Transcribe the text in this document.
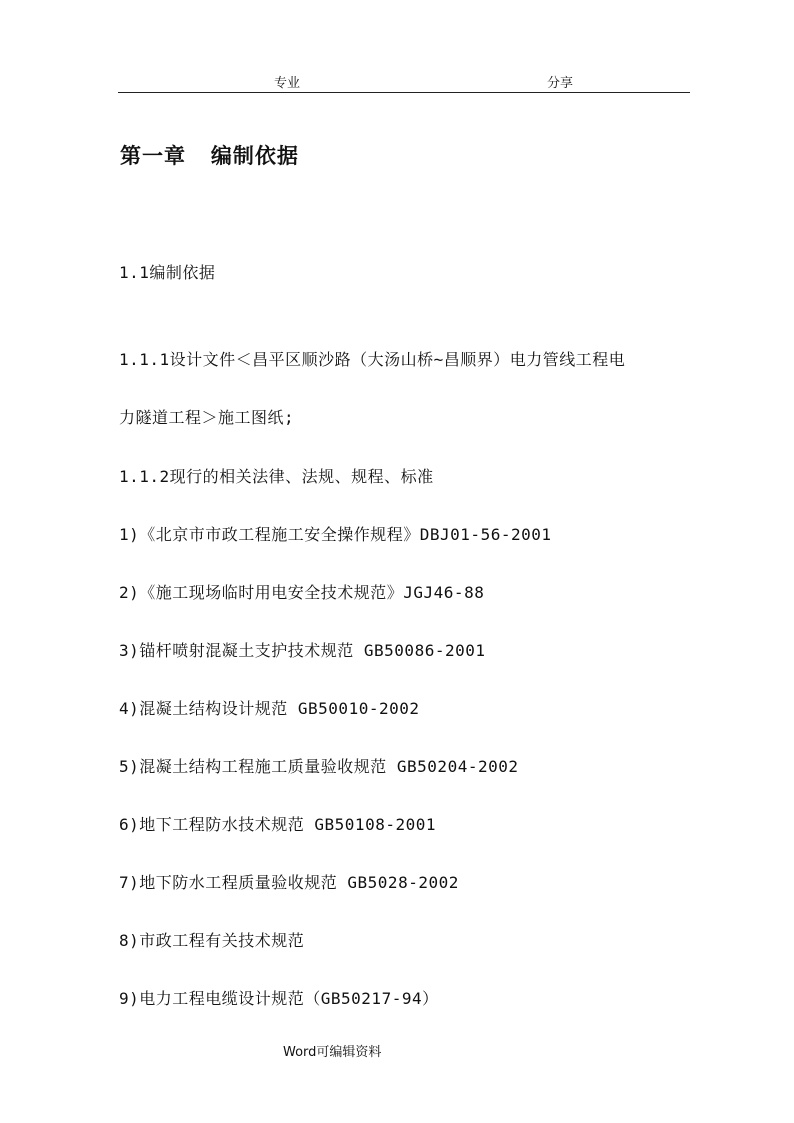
专业	分享
第一章   编制依据
1.1编制依据
1.1.1设计文件＜昌平区顺沙路（大汤山桥~昌顺界）电力管线工程电
力隧道工程＞施工图纸;
1.1.2现行的相关法律、法规、规程、标准
1)《北京市市政工程施工安全操作规程》DBJ01-56-2001
2)《施工现场临时用电安全技术规范》JGJ46-88
3)锚杆喷射混凝土支护技术规范 GB50086-2001
4)混凝土结构设计规范 GB50010-2002
5)混凝土结构工程施工质量验收规范 GB50204-2002
6)地下工程防水技术规范 GB50108-2001
7)地下防水工程质量验收规范 GB5028-2002
8)市政工程有关技术规范
9)电力工程电缆设计规范（GB50217-94）
Word可编辑资料
